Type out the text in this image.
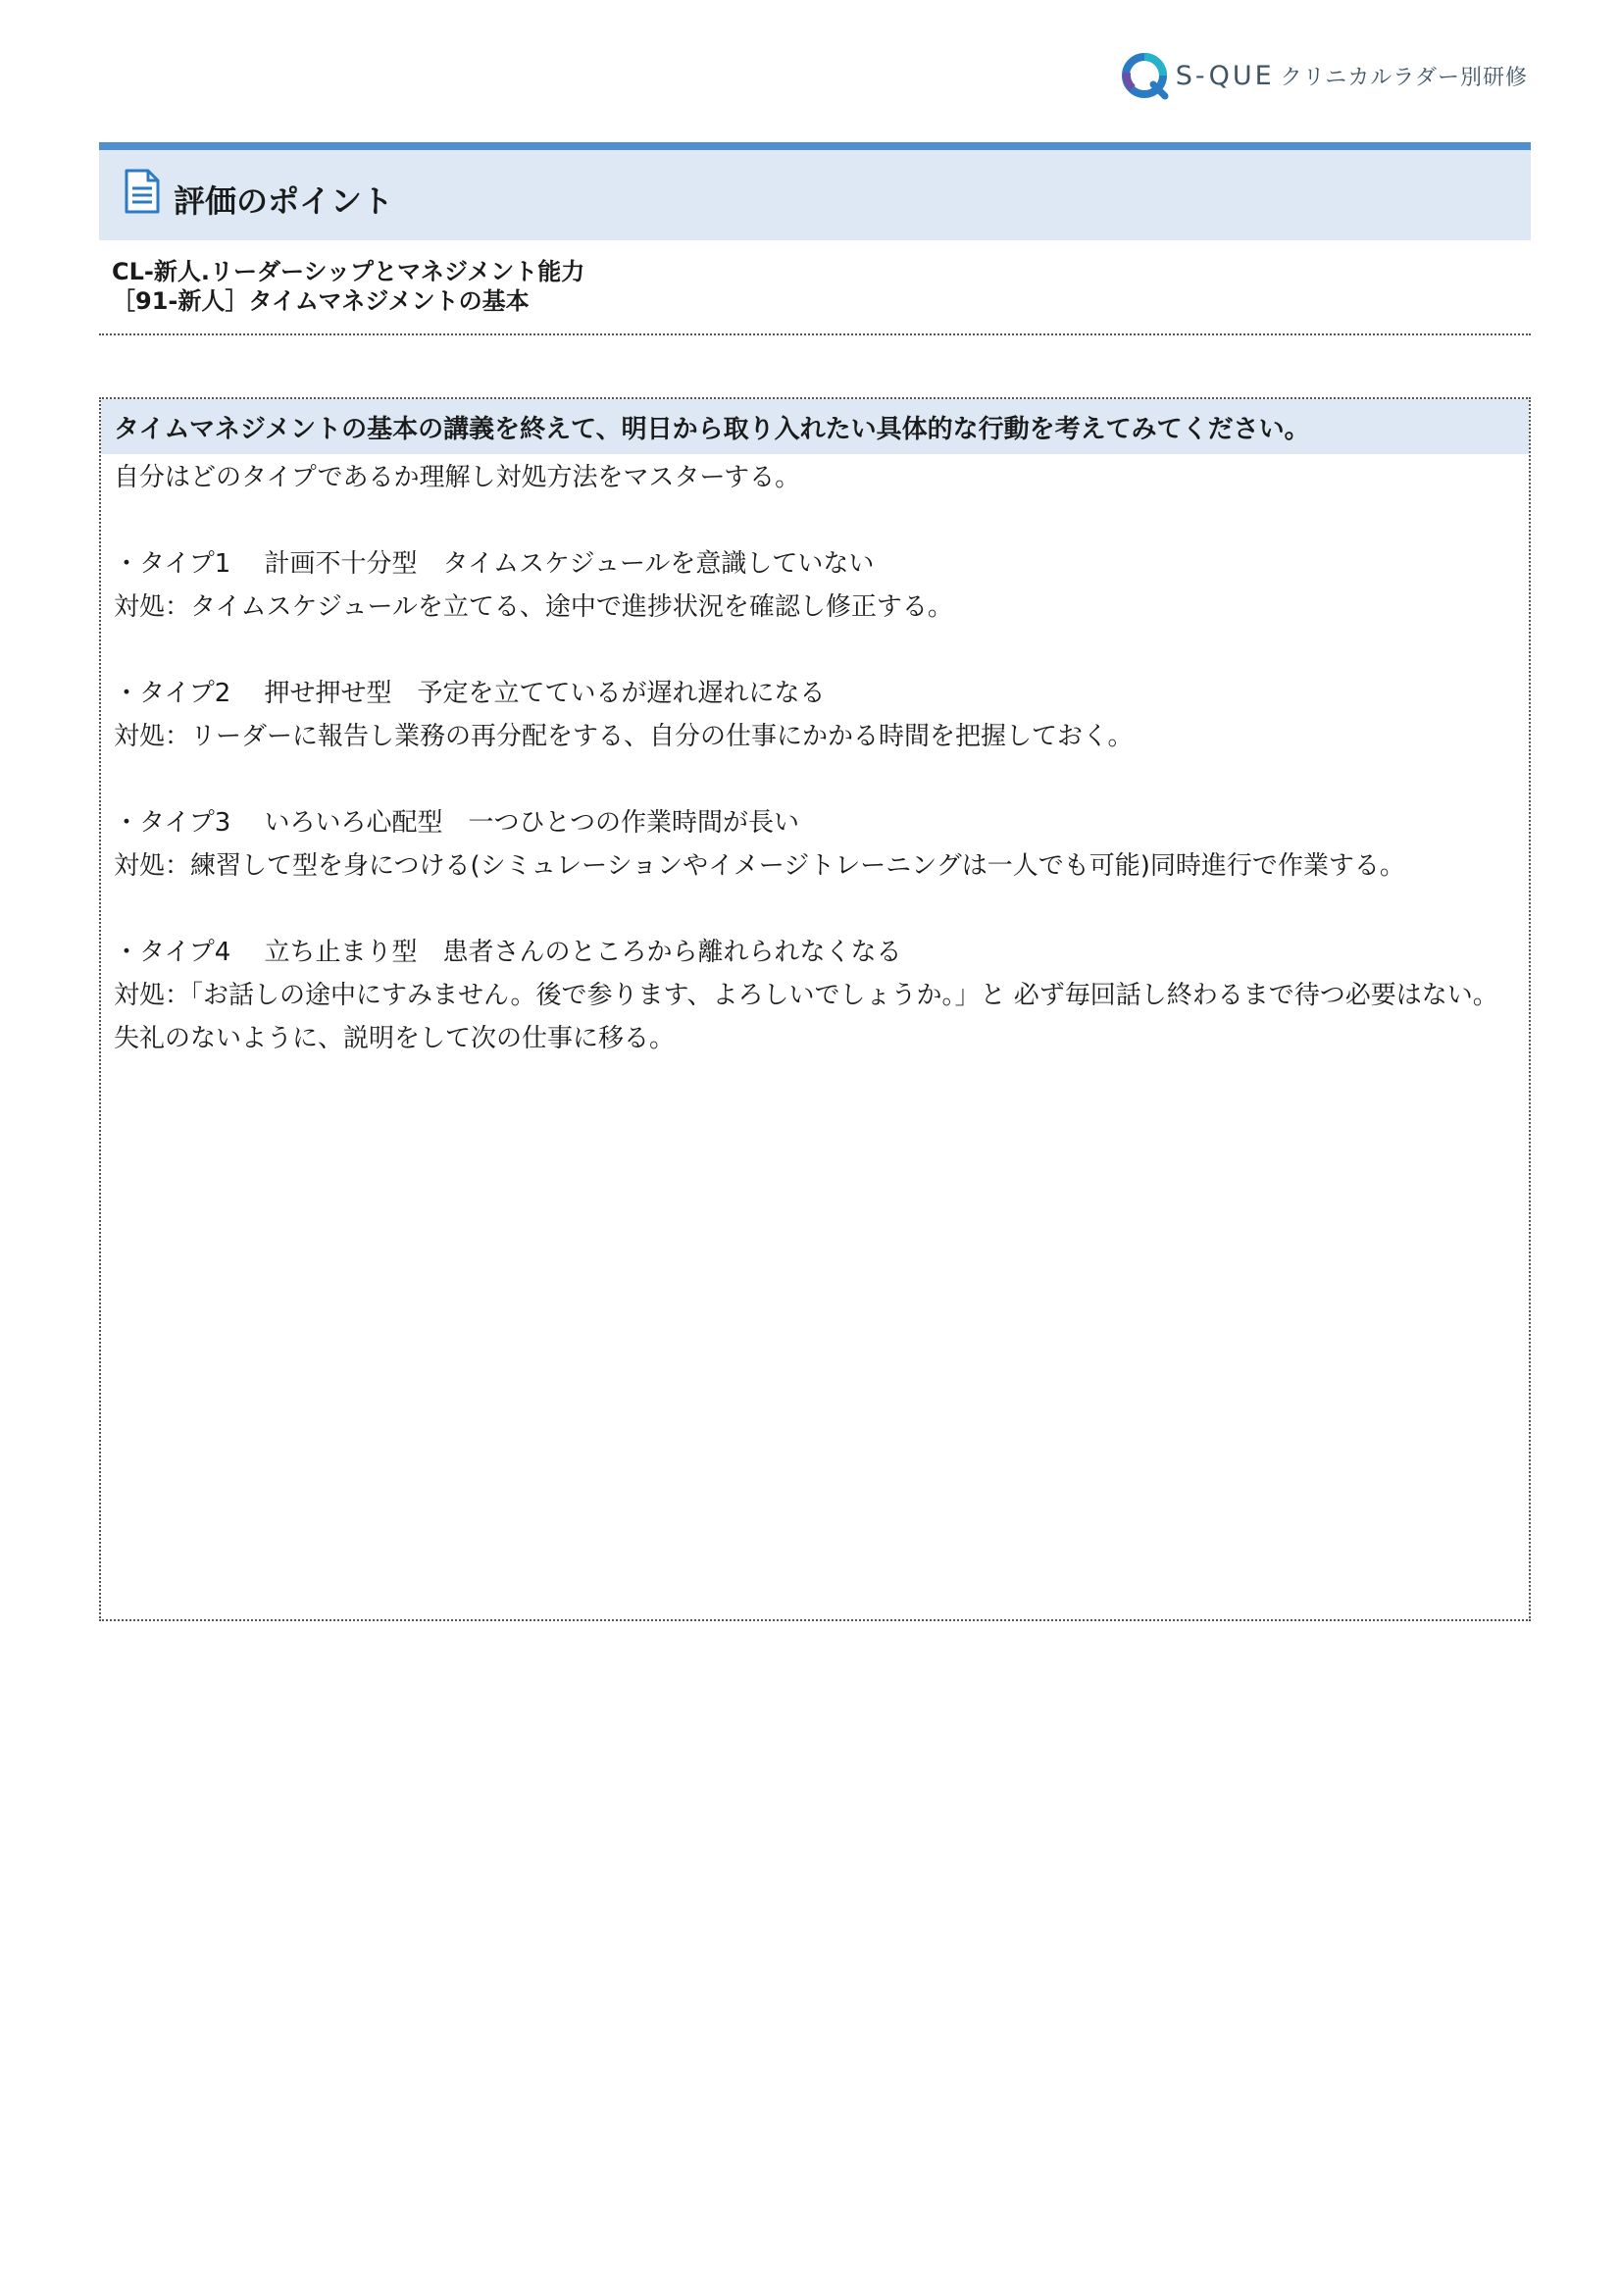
S-QUE クリニカルラダー別研修
評価のポイント
CL-新人.リーダーシップとマネジメント能力
［91-新人］タイムマネジメントの基本
タイムマネジメントの基本の講義を終えて、明日から取り入れたい具体的な行動を考えてみてください。
自分はどのタイプであるか理解し対処方法をマスターする。
・タイプ1　 計画不十分型　タイムスケジュールを意識していない
対処：タイムスケジュールを立てる、途中で進捗状況を確認し修正する。
・タイプ2　 押せ押せ型　予定を立てているが遅れ遅れになる
対処：リーダーに報告し業務の再分配をする、自分の仕事にかかる時間を把握しておく。
・タイプ3　 いろいろ心配型　一つひとつの作業時間が長い
対処：練習して型を身につける(シミュレーションやイメージトレーニングは一人でも可能)同時進行で作業する。
・タイプ4　 立ち止まり型　患者さんのところから離れられなくなる
対処：「お話しの途中にすみません。後で参ります、よろしいでしょうか。」と 必ず毎回話し終わるまで待つ必要はない。失礼のないように、説明をして次の仕事に移る。
